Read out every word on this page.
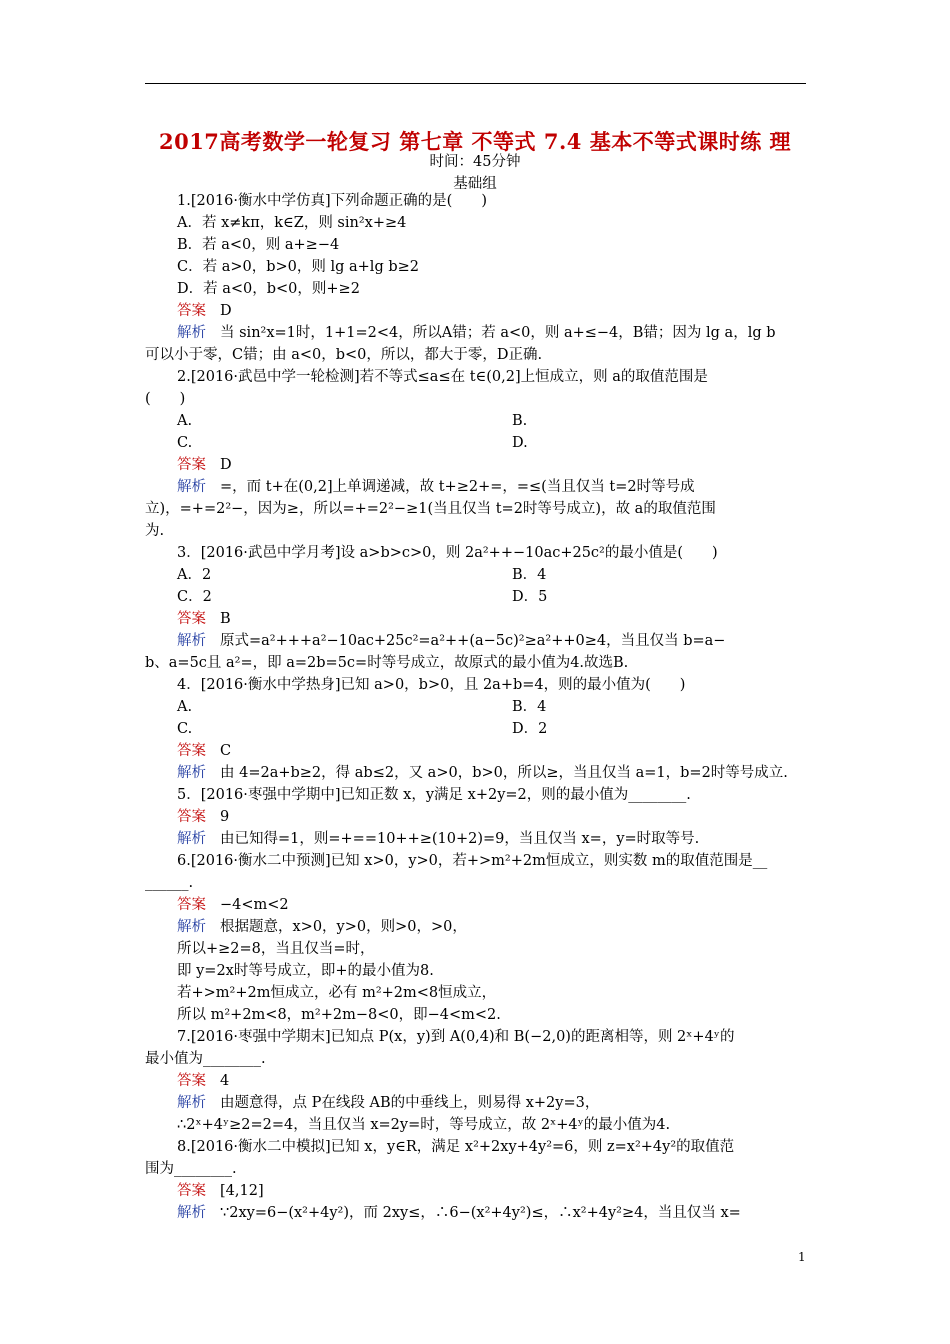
2017高考数学一轮复习 第七章 不等式 7.4 基本不等式课时练 理
时间：45分钟
基础组
1.[2016·衡水中学仿真]下列命题正确的是(　　)
A．若 x≠kπ，k∈Z，则 sin²x+≥4
B．若 a<0，则 a+≥−4
C．若 a>0，b>0，则 lg a+lg b≥2
D．若 a<0，b<0，则+≥2
答案 D
解析 当 sin²x=1时，1+1=2<4，所以A错；若 a<0，则 a+≤−4，B错；因为 lg a，lg b
可以小于零，C错；由 a<0，b<0，所以，都大于零，D正确.
2.[2016·武邑中学一轮检测]若不等式≤a≤在 t∈(0,2]上恒成立，则 a的取值范围是
(　　)
A.	B.
C.	D.
答案 D
解析 =，而 t+在(0,2]上单调递减，故 t+≥2+=，=≤(当且仅当 t=2时等号成
立)，=+=2²−，因为≥，所以=+=2²−≥1(当且仅当 t=2时等号成立)，故 a的取值范围
为.
3．[2016·武邑中学月考]设 a>b>c>0，则 2a²++−10ac+25c²的最小值是(　　)
A．2	B．4
C．2	D．5
答案 B
解析 原式=a²+++a²−10ac+25c²=a²++(a−5c)²≥a²++0≥4，当且仅当 b=a−
b、a=5c且 a²=，即 a=2b=5c=时等号成立，故原式的最小值为4.故选B.
4．[2016·衡水中学热身]已知 a>0，b>0，且 2a+b=4，则的最小值为(　　)
A.	B．4
C.	D．2
答案 C
解析 由 4=2a+b≥2，得 ab≤2，又 a>0，b>0，所以≥，当且仅当 a=1，b=2时等号成立.
5．[2016·枣强中学期中]已知正数 x，y满足 x+2y=2，则的最小值为________.
答案 9
解析 由已知得=1，则=+==10++≥(10+2)=9，当且仅当 x=，y=时取等号.
6.[2016·衡水二中预测]已知 x>0，y>0，若+>m²+2m恒成立，则实数 m的取值范围是__
______.
答案 −4<m<2
解析 根据题意，x>0，y>0，则>0，>0，
所以+≥2=8，当且仅当=时，
即 y=2x时等号成立，即+的最小值为8.
若+>m²+2m恒成立，必有 m²+2m<8恒成立，
所以 m²+2m<8，m²+2m−8<0，即−4<m<2.
7.[2016·枣强中学期末]已知点 P(x，y)到 A(0,4)和 B(−2,0)的距离相等，则 2ˣ+4ʸ的
最小值为________.
答案 4
解析 由题意得，点 P在线段 AB的中垂线上，则易得 x+2y=3，
∴2ˣ+4ʸ≥2=2=4，当且仅当 x=2y=时，等号成立，故 2ˣ+4ʸ的最小值为4.
8.[2016·衡水二中模拟]已知 x，y∈R，满足 x²+2xy+4y²=6，则 z=x²+4y²的取值范
围为________.
答案 [4,12]
解析 ∵2xy=6−(x²+4y²)，而 2xy≤，∴6−(x²+4y²)≤，∴x²+4y²≥4，当且仅当 x=
1
